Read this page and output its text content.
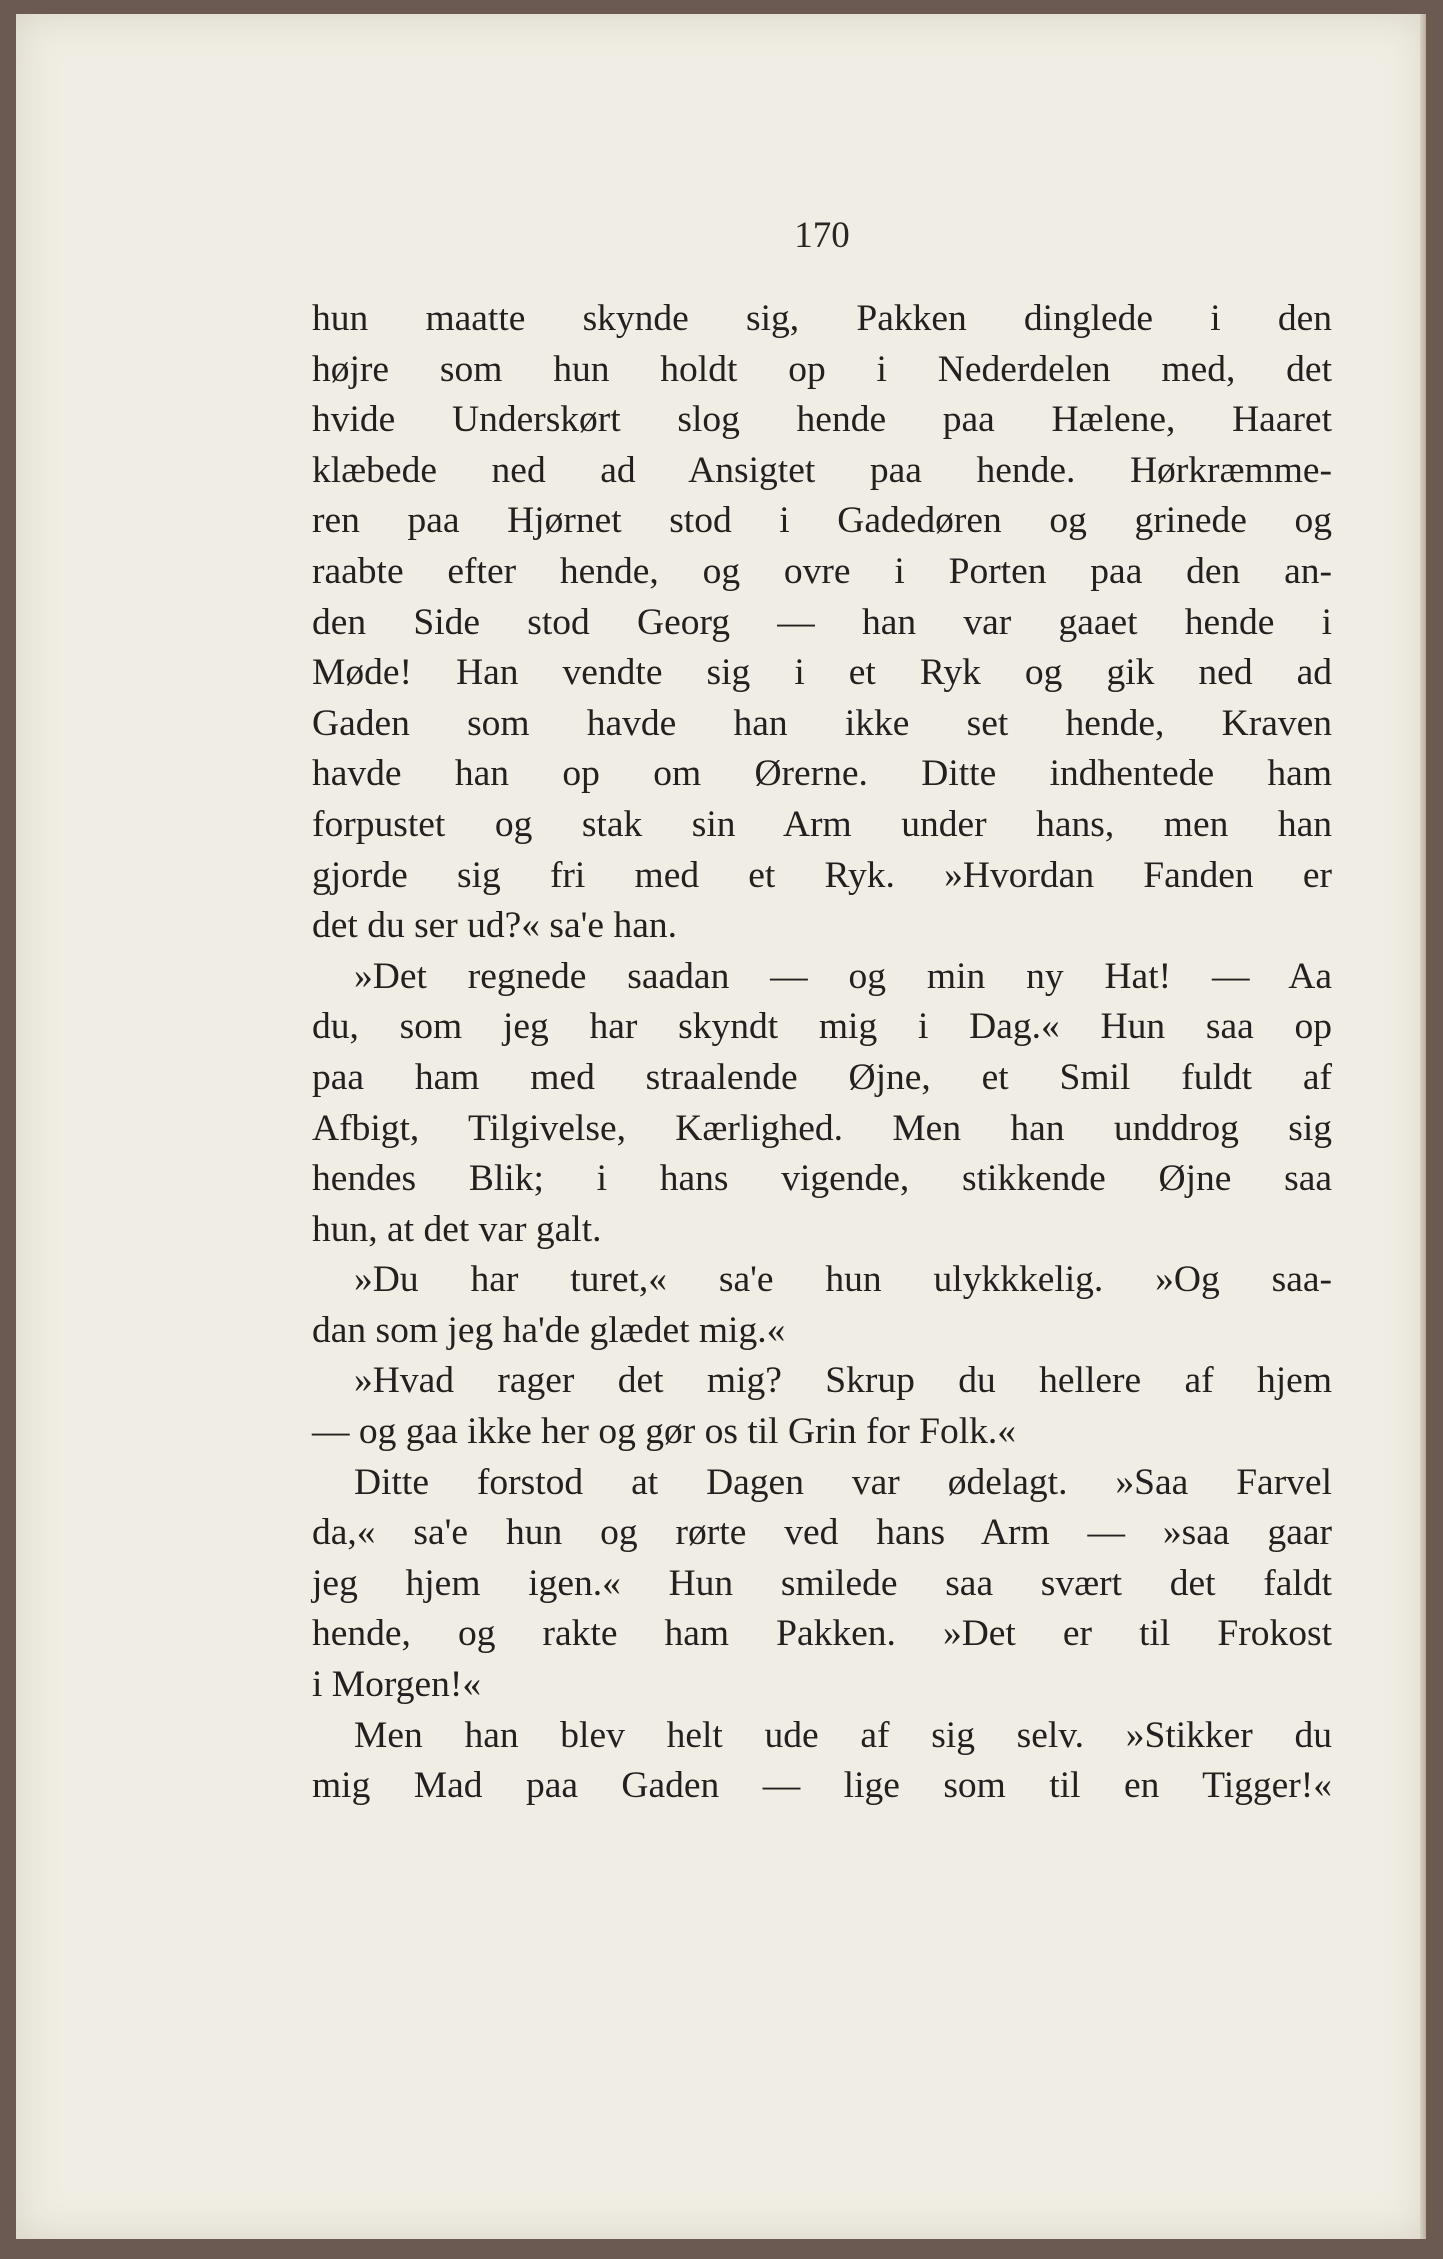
170
hun maatte skynde sig, Pakken dinglede i den
højre som hun holdt op i Nederdelen med, det
hvide Underskørt slog hende paa Hælene, Haaret
klæbede ned ad Ansigtet paa hende. Hørkræmme-
ren paa Hjørnet stod i Gadedøren og grinede og
raabte efter hende, og ovre i Porten paa den an-
den Side stod Georg — han var gaaet hende i
Møde! Han vendte sig i et Ryk og gik ned ad
Gaden som havde han ikke set hende, Kraven
havde han op om Ørerne. Ditte indhentede ham
forpustet og stak sin Arm under hans, men han
gjorde sig fri med et Ryk. »Hvordan Fanden er
det du ser ud?« sa'e han.
»Det regnede saadan — og min ny Hat! — Aa
du, som jeg har skyndt mig i Dag.« Hun saa op
paa ham med straalende Øjne, et Smil fuldt af
Afbigt, Tilgivelse, Kærlighed. Men han unddrog sig
hendes Blik; i hans vigende, stikkende Øjne saa
hun, at det var galt.
»Du har turet,« sa'e hun ulykkkelig. »Og saa-
dan som jeg ha'de glædet mig.«
»Hvad rager det mig? Skrup du hellere af hjem
— og gaa ikke her og gør os til Grin for Folk.«
Ditte forstod at Dagen var ødelagt. »Saa Farvel
da,« sa'e hun og rørte ved hans Arm — »saa gaar
jeg hjem igen.« Hun smilede saa svært det faldt
hende, og rakte ham Pakken. »Det er til Frokost
i Morgen!«
Men han blev helt ude af sig selv. »Stikker du
mig Mad paa Gaden — lige som til en Tigger!«
